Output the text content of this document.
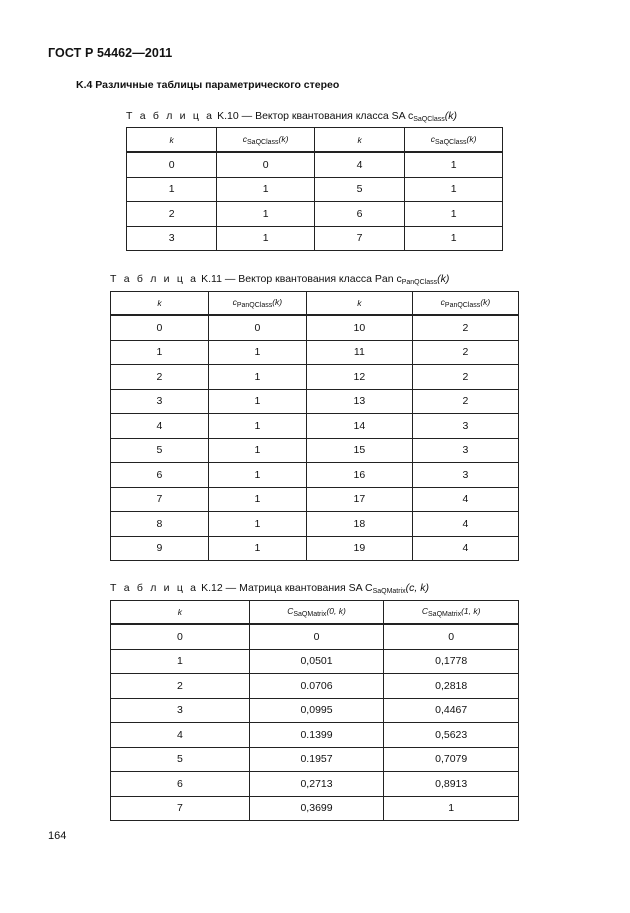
ГОСТ Р 54462—2011
K.4 Различные таблицы параметрического стерео
Т а б л и ц а K.10 — Вектор квантования класса SA $c_{SaQClass}(k)$
k	$c_{SaQClass}(k)$	k	$c_{SaQClass}(k)$
0	0	4	1
1	1	5	1
2	1	6	1
3	1	7	1
Т а б л и ц а K.11 — Вектор квантования класса Pan $c_{PanQClass}(k)$
k	$c_{PanQClass}(k)$	k	$c_{PanQClass}(k)$
0	0	10	2
1	1	11	2
2	1	12	2
3	1	13	2
4	1	14	3
5	1	15	3
6	1	16	3
7	1	17	4
8	1	18	4
9	1	19	4
Т а б л и ц а K.12 — Матрица квантования SA $C_{SaQMatrix}(c$, k)
k	$C_{SaQMatrix}(0$, k)	$C_{SaQMatrix}(1$, k)
0	0	0
1	0,0501	0,1778
2	0.0706	0,2818
3	0,0995	0,4467
4	0.1399	0,5623
5	0.1957	0,7079
6	0,2713	0,8913
7	0,3699	1
164
